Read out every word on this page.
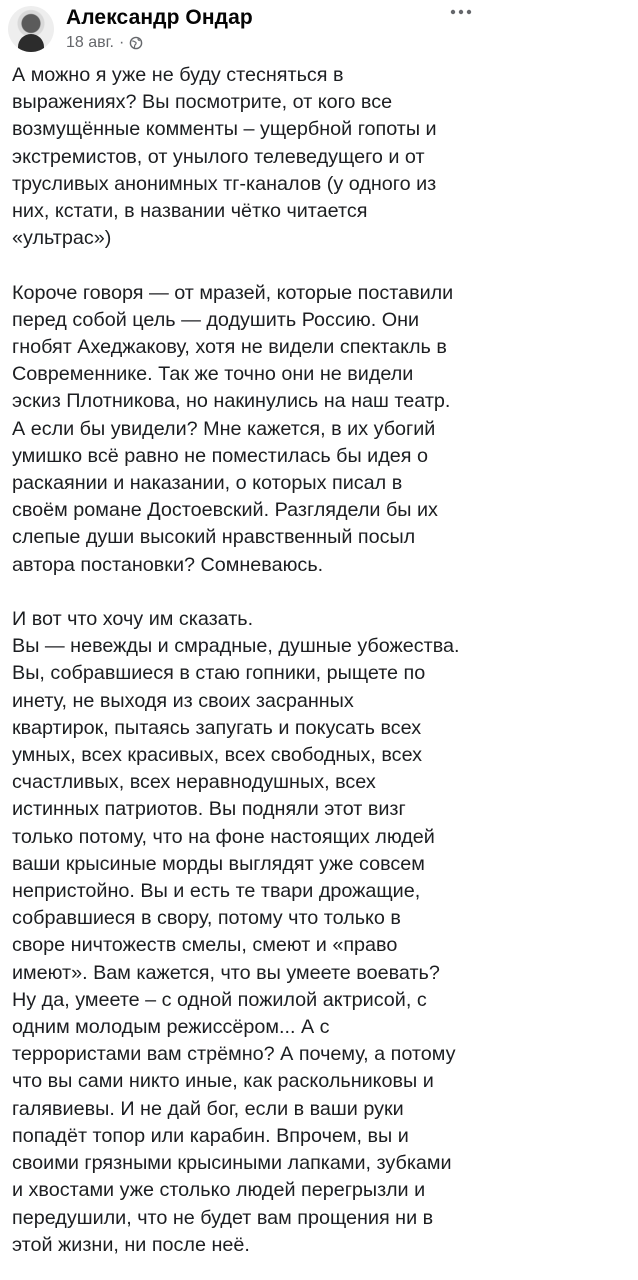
Александр Ондар
18 авг. ·

А можно я уже не буду стесняться в

выражениях? Вы посмотрите, от кого все

возмущённые комменты – ущербной гопоты и

экстремистов, от унылого телеведущего и от

трусливых анонимных тг-каналов (у одного из

них, кстати, в названии чётко читается

«ультрас»)

Короче говоря — от мразей, которые поставили

перед собой цель — додушить Россию. Они

гнобят Ахеджакову, хотя не видели спектакль в

Современнике. Так же точно они не видели

эскиз Плотникова, но накинулись на наш театр.

А если бы увидели? Мне кажется, в их убогий

умишко всё равно не поместилась бы идея о

раскаянии и наказании, о которых писал в

своём романе Достоевский. Разглядели бы их

слепые души высокий нравственный посыл

автора постановки? Сомневаюсь.

И вот что хочу им сказать.

Вы — невежды и смрадные, душные убожества.

Вы, собравшиеся в стаю гопники, рыщете по

инету, не выходя из своих засранных

квартирок, пытаясь запугать и покусать всех

умных, всех красивых, всех свободных, всех

счастливых, всех неравнодушных, всех

истинных патриотов. Вы подняли этот визг

только потому, что на фоне настоящих людей

ваши крысиные морды выглядят уже совсем

непристойно. Вы и есть те твари дрожащие,

собравшиеся в свору, потому что только в

своре ничтожеств смелы, смеют и «право

имеют». Вам кажется, что вы умеете воевать?

Ну да, умеете – с одной пожилой актрисой, с

одним молодым режиссёром... А с

террористами вам стрёмно? А почему, а потому

что вы сами никто иные, как раскольниковы и

галявиевы. И не дай бог, если в ваши руки

попадёт топор или карабин. Впрочем, вы и

своими грязными крысиными лапками, зубками

и хвостами уже столько людей перегрызли и

передушили, что не будет вам прощения ни в

этой жизни, ни после неё.
